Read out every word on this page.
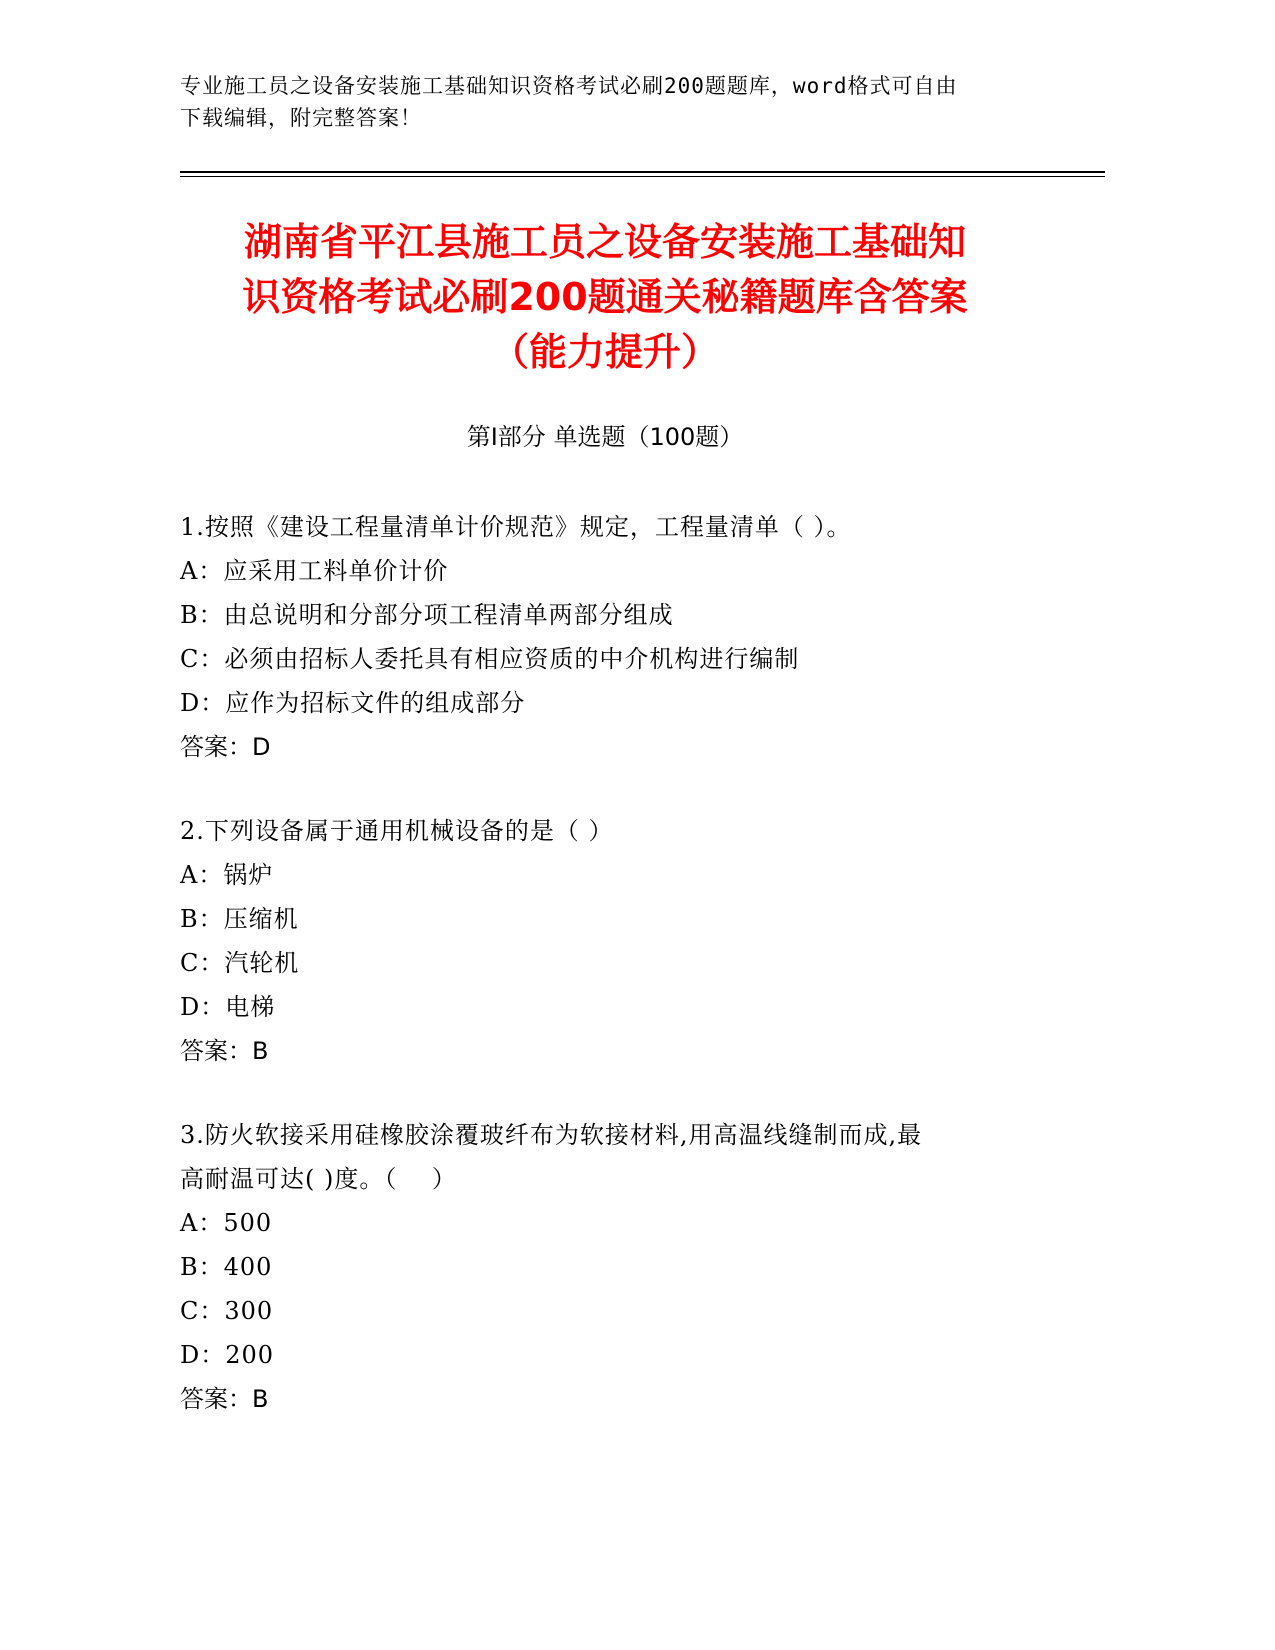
专业施工员之设备安装施工基础知识资格考试必刷200题题库，word格式可自由
下载编辑，附完整答案！
湖南省平江县施工员之设备安装施工基础知
识资格考试必刷200题通关秘籍题库含答案
（能力提升）
第Ⅰ部分 单选题（100题）
1.按照《建设工程量清单计价规范》规定，工程量清单（ ）。
A：应采用工料单价计价
B：由总说明和分部分项工程清单两部分组成
C：必须由招标人委托具有相应资质的中介机构进行编制
D：应作为招标文件的组成部分
答案：D
2.下列设备属于通用机械设备的是（ ）
A：锅炉
B：压缩机
C：汽轮机
D：电梯
答案：B
3.防火软接采用硅橡胶涂覆玻纤布为软接材料,用高温线缝制而成,最
高耐温可达( )度。（    ）
A：500
B：400
C：300
D：200
答案：B
